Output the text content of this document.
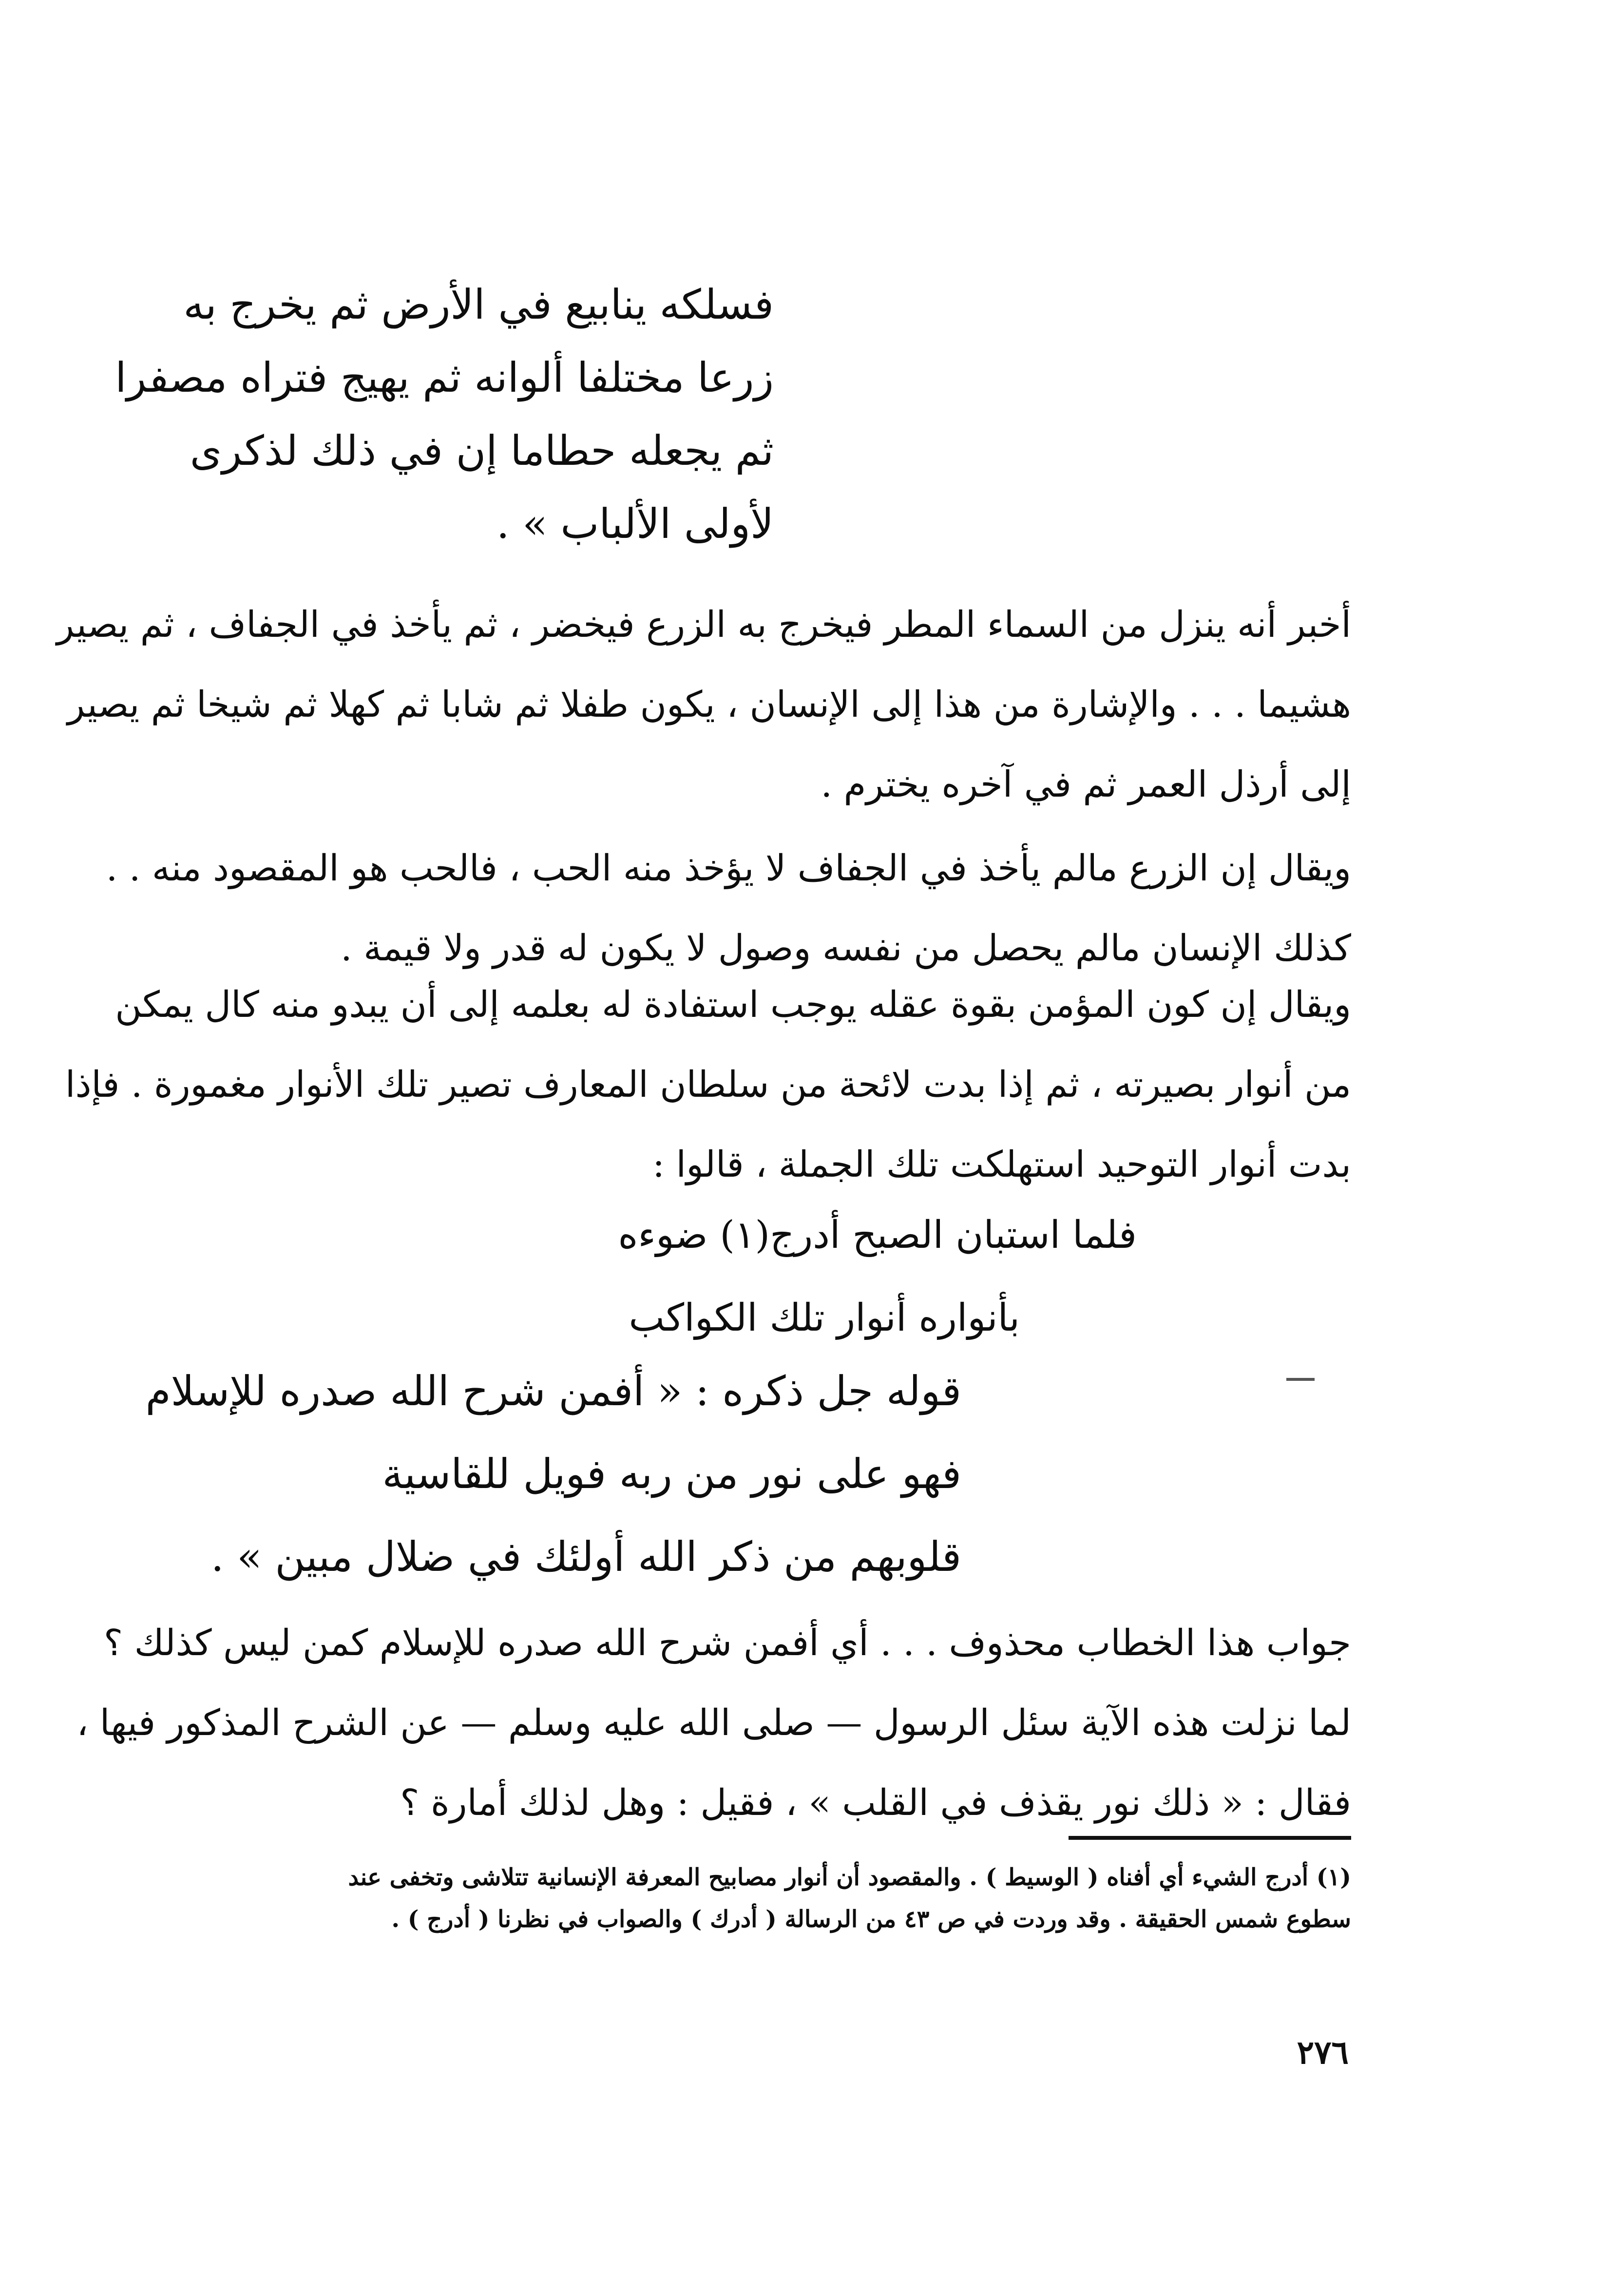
فسلكه ينابيع في الأرض ثم يخرج به
زرعا مختلفا ألوانه ثم يهيج فتراه مصفرا
ثم يجعله حطاما إن في ذلك لذكرى
لأولى الألباب » .
أخبر أنه ينزل من السماء المطر فيخرج به الزرع فيخضر ، ثم يأخذ في الجفاف ، ثم يصير
هشيما . . . والإشارة من هذا إلى الإنسان ، يكون طفلا ثم شابا ثم كهلا ثم شيخا ثم يصير
إلى أرذل العمر ثم في آخره يخترم .
ويقال إن الزرع مالم يأخذ في الجفاف لا يؤخذ منه الحب ، فالحب هو المقصود منه . .
كذلك الإنسان مالم يحصل من نفسه وصول لا يكون له قدر ولا قيمة .
ويقال إن كون المؤمن بقوة عقله يوجب استفادة له بعلمه إلى أن يبدو منه كال يمكن
من أنوار بصيرته ، ثم إذا بدت لائحة من سلطان المعارف تصير تلك الأنوار مغمورة . فإذا
بدت أنوار التوحيد استهلكت تلك الجملة ، قالوا :
فلما استبان الصبح أدرج(١) ضوءه
بأنواره أنوار تلك الكواكب
قوله جل ذكره : « أفمن شرح الله صدره للإسلام
فهو على نور من ربه فويل للقاسية
قلوبهم من ذكر الله أولئك في ضلال مبين » .
جواب هذا الخطاب محذوف . . . أي أفمن شرح الله صدره للإسلام كمن ليس كذلك ؟
لما نزلت هذه الآية سئل الرسول — صلى الله عليه وسلم — عن الشرح المذكور فيها ،
فقال : « ذلك نور يقذف في القلب » ، فقيل : وهل لذلك أمارة ؟
(١) أدرج الشيء أي أفناه ( الوسيط ) . والمقصود أن أنوار مصابيح المعرفة الإنسانية تتلاشى وتخفى عند
سطوع شمس الحقيقة . وقد وردت في ص ٤٣ من الرسالة ( أدرك ) والصواب في نظرنا ( أدرج ) .
٢٧٦
